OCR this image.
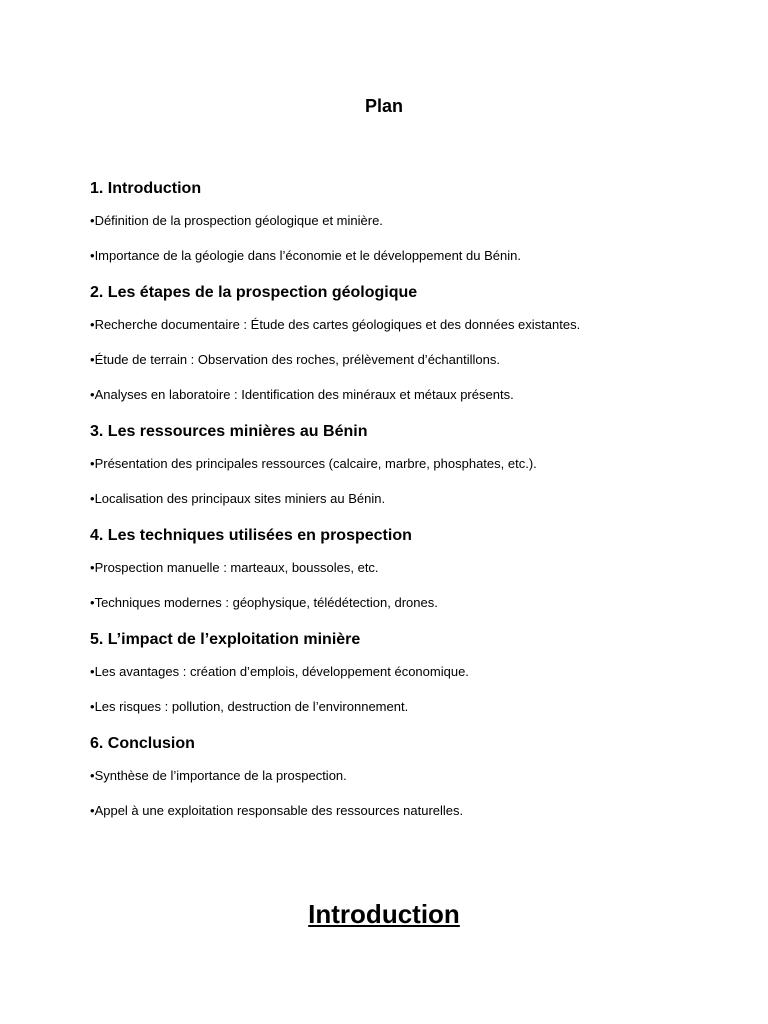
Plan
1. Introduction
•Définition de la prospection géologique et minière.
•Importance de la géologie dans l’économie et le développement du Bénin.
2. Les étapes de la prospection géologique
•Recherche documentaire : Étude des cartes géologiques et des données existantes.
•Étude de terrain : Observation des roches, prélèvement d’échantillons.
•Analyses en laboratoire : Identification des minéraux et métaux présents.
3. Les ressources minières au Bénin
•Présentation des principales ressources (calcaire, marbre, phosphates, etc.).
•Localisation des principaux sites miniers au Bénin.
4. Les techniques utilisées en prospection
•Prospection manuelle : marteaux, boussoles, etc.
•Techniques modernes : géophysique, télédétection, drones.
5. L’impact de l’exploitation minière
•Les avantages : création d’emplois, développement économique.
•Les risques : pollution, destruction de l’environnement.
6. Conclusion
•Synthèse de l’importance de la prospection.
•Appel à une exploitation responsable des ressources naturelles.
Introduction
